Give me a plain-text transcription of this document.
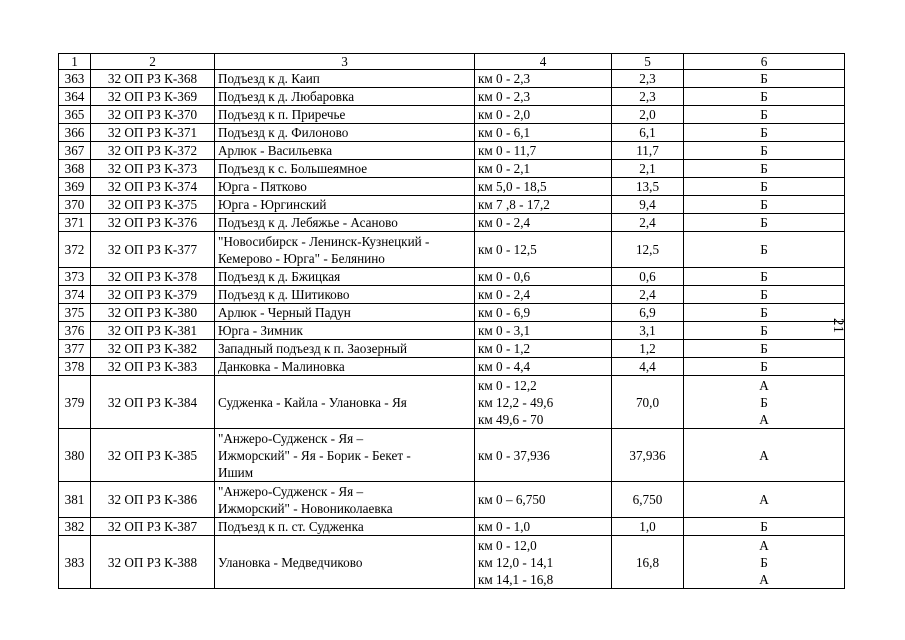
1	2	3	4	5	6
363	32 ОП РЗ К-368	Подъезд к д. Каип	км 0 - 2,3	2,3	Б

364	32 ОП РЗ К-369	Подъезд к д. Любаровка	км 0 - 2,3	2,3	Б

365	32 ОП РЗ К-370	Подъезд к п. Приречье	км 0 - 2,0	2,0	Б

366	32 ОП РЗ К-371	Подъезд к д. Филоново	км 0 - 6,1	6,1	Б

367	32 ОП РЗ К-372	Арлюк - Васильевка	км 0 - 11,7	11,7	Б

368	32 ОП РЗ К-373	Подъезд к с. Большеямное	км 0 - 2,1	2,1	Б

369	32 ОП РЗ К-374	Юрга - Пятково	км 5,0 - 18,5	13,5	Б

370	32 ОП РЗ К-375	Юрга - Юргинский	км 7 ,8 - 17,2	9,4	Б

371	32 ОП РЗ К-376	Подъезд к д. Лебяжье - Асаново	км 0 - 2,4	2,4	Б

372	32 ОП РЗ К-377	"Новосибирск - Ленинск-Кузнецкий -
Кемерово - Юрга" - Белянино	км 0 - 12,5	12,5	Б

373	32 ОП РЗ К-378	Подъезд к д. Бжицкая	км 0 - 0,6	0,6	Б

374	32 ОП РЗ К-379	Подъезд к д. Шитиково	км 0 - 2,4	2,4	Б

375	32 ОП РЗ К-380	Арлюк - Черный Падун	км 0 - 6,9	6,9	Б

376	32 ОП РЗ К-381	Юрга - Зимник	км 0 - 3,1	3,1	Б

377	32 ОП РЗ К-382	Западный подъезд к п. Заозерный	км 0 - 1,2	1,2	Б

378	32 ОП РЗ К-383	Данковка - Малиновка	км 0 - 4,4	4,4	Б

379	32 ОП РЗ К-384	Судженка - Кайла - Улановка - Яя	км 0 - 12,2
км 12,2 - 49,6
км 49,6 - 70	70,0	А
Б
А

380	32 ОП РЗ К-385	"Анжеро-Судженск - Яя –
Ижморский" - Яя - Борик - Бекет -
Ишим	км 0 - 37,936	37,936	А

381	32 ОП РЗ К-386	"Анжеро-Судженск - Яя –
Ижморский" - Новониколаевка	км 0 – 6,750	6,750	А

382	32 ОП РЗ К-387	Подъезд к п. ст. Судженка	км 0 - 1,0	1,0	Б

383	32 ОП РЗ К-388	Улановка - Медведчиково	км 0 - 12,0
км 12,0 - 14,1
км 14,1 - 16,8	16,8	А
Б
А
21
